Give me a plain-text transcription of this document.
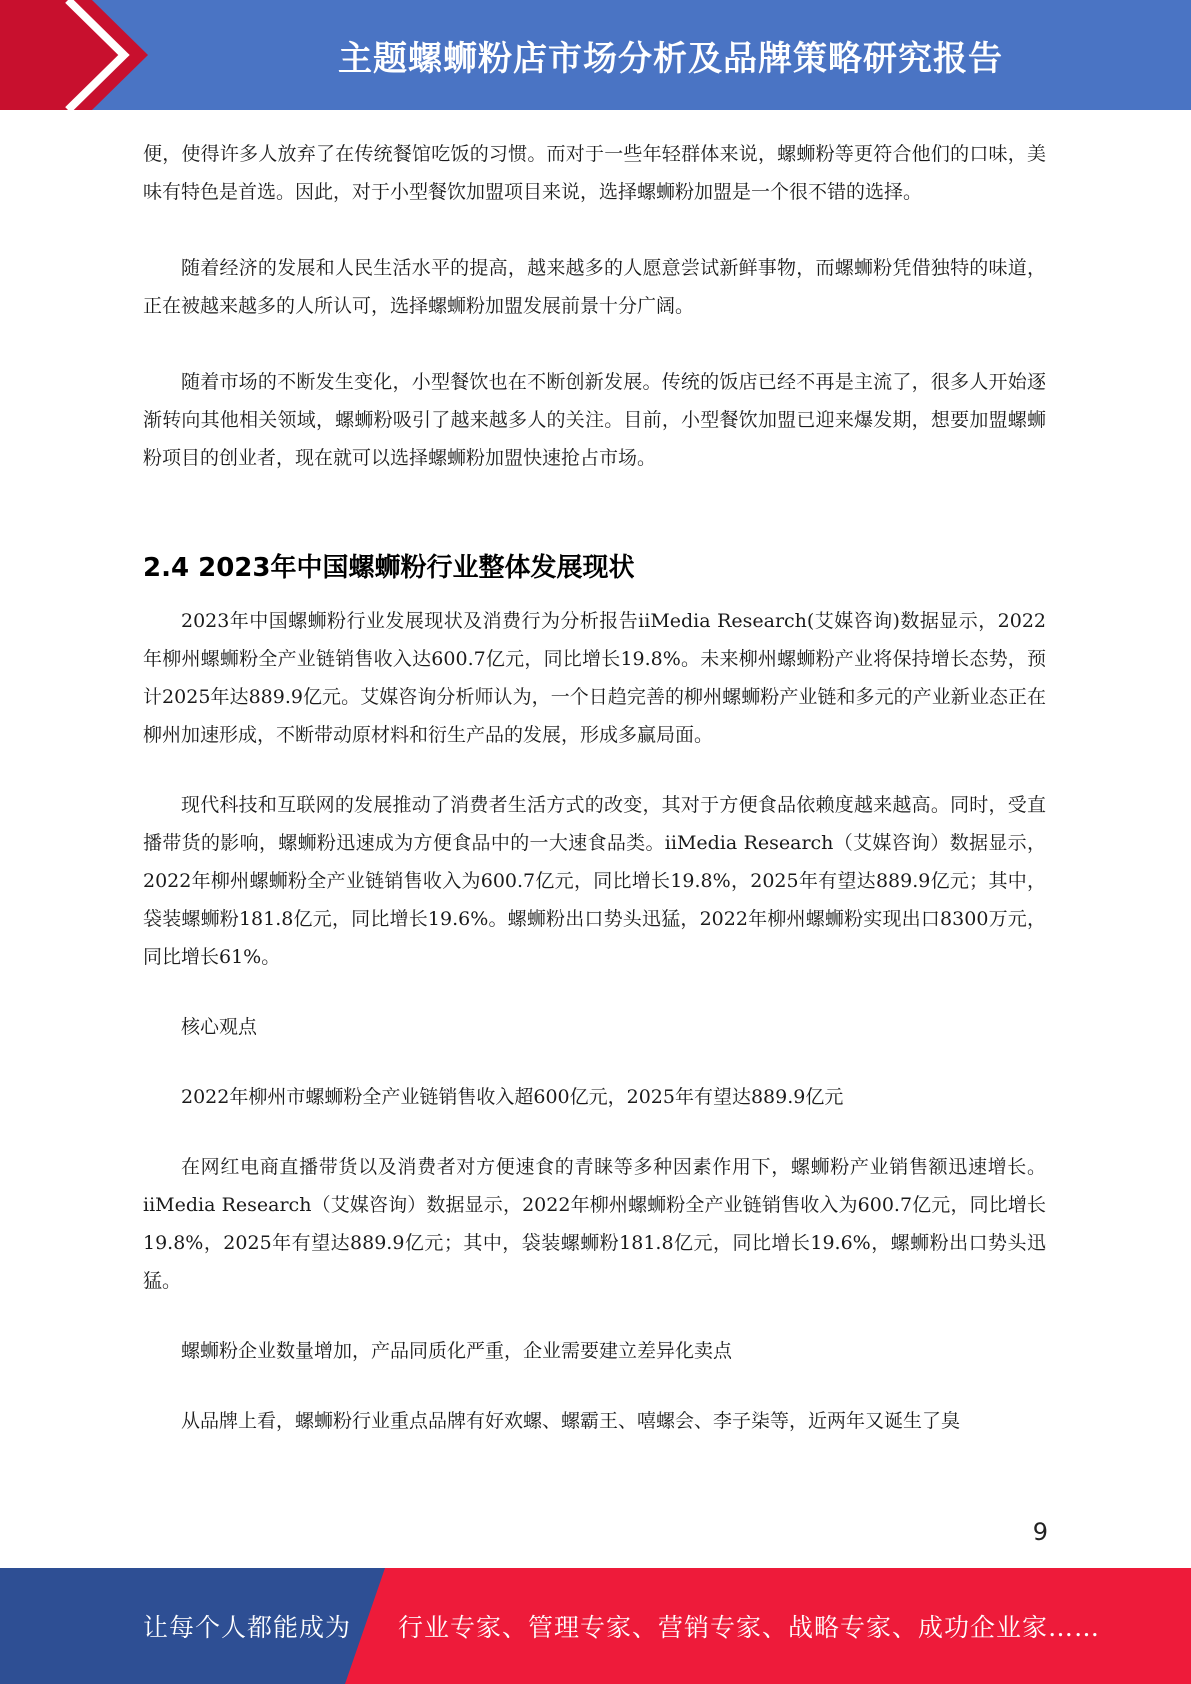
主题螺蛳粉店市场分析及品牌策略研究报告

便，使得许多人放弃了在传统餐馆吃饭的习惯。而对于一些年轻群体来说，螺蛳粉等更符合他们的口味，美味有特色是首选。因此，对于小型餐饮加盟项目来说，选择螺蛳粉加盟是一个很不错的选择。

随着经济的发展和人民生活水平的提高，越来越多的人愿意尝试新鲜事物，而螺蛳粉凭借独特的味道，正在被越来越多的人所认可，选择螺蛳粉加盟发展前景十分广阔。

随着市场的不断发生变化，小型餐饮也在不断创新发展。传统的饭店已经不再是主流了，很多人开始逐渐转向其他相关领域，螺蛳粉吸引了越来越多人的关注。目前，小型餐饮加盟已迎来爆发期，想要加盟螺蛳粉项目的创业者，现在就可以选择螺蛳粉加盟快速抢占市场。

2.4 2023年中国螺蛳粉行业整体发展现状

2023年中国螺蛳粉行业发展现状及消费行为分析报告iiMedia Research(艾媒咨询)数据显示，2022年柳州螺蛳粉全产业链销售收入达600.7亿元，同比增长19.8%。未来柳州螺蛳粉产业将保持增长态势，预计2025年达889.9亿元。艾媒咨询分析师认为，一个日趋完善的柳州螺蛳粉产业链和多元的产业新业态正在柳州加速形成，不断带动原材料和衍生产品的发展，形成多赢局面。

现代科技和互联网的发展推动了消费者生活方式的改变，其对于方便食品依赖度越来越高。同时，受直播带货的影响，螺蛳粉迅速成为方便食品中的一大速食品类。iiMedia Research（艾媒咨询）数据显示，2022年柳州螺蛳粉全产业链销售收入为600.7亿元，同比增长19.8%，2025年有望达889.9亿元；其中，袋装螺蛳粉181.8亿元，同比增长19.6%。螺蛳粉出口势头迅猛，2022年柳州螺蛳粉实现出口8300万元，同比增长61%。

核心观点

2022年柳州市螺蛳粉全产业链销售收入超600亿元，2025年有望达889.9亿元

在网红电商直播带货以及消费者对方便速食的青睐等多种因素作用下，螺蛳粉产业销售额迅速增长。iiMedia Research（艾媒咨询）数据显示，2022年柳州螺蛳粉全产业链销售收入为600.7亿元，同比增长19.8%，2025年有望达889.9亿元；其中，袋装螺蛳粉181.8亿元，同比增长19.6%，螺蛳粉出口势头迅猛。

螺蛳粉企业数量增加，产品同质化严重，企业需要建立差异化卖点

从品牌上看，螺蛳粉行业重点品牌有好欢螺、螺霸王、嘻螺会、李子柒等，近两年又诞生了臭

9
让每个人都能成为 行业专家、管理专家、营销专家、战略专家、成功企业家……
